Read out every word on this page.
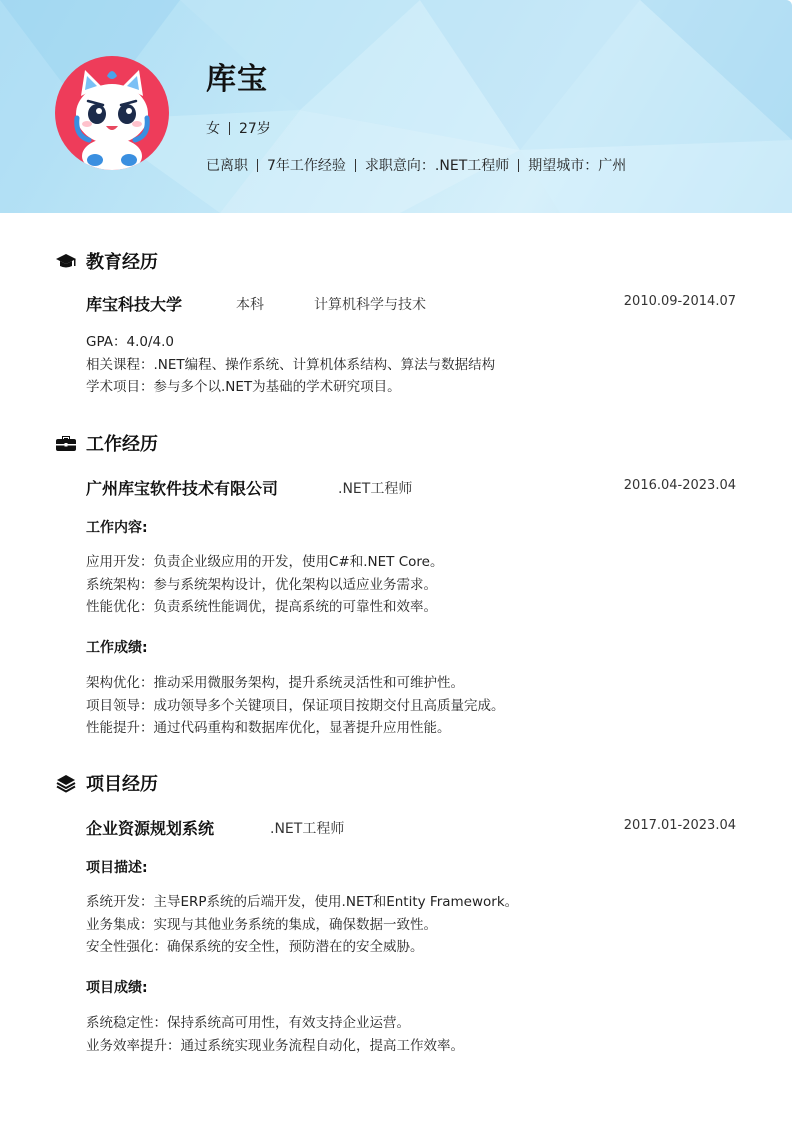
库宝
女 27岁
已离职 7年工作经验 求职意向：.NET工程师 期望城市：广州
教育经历
库宝科技大学	本科	计算机科学与技术	2010.09-2014.07
GPA：4.0/4.0
相关课程：.NET编程、操作系统、计算机体系结构、算法与数据结构
学术项目：参与多个以.NET为基础的学术研究项目。
工作经历
广州库宝软件技术有限公司	.NET工程师	2016.04-2023.04
工作内容:
应用开发：负责企业级应用的开发，使用C#和.NET Core。
系统架构：参与系统架构设计，优化架构以适应业务需求。
性能优化：负责系统性能调优，提高系统的可靠性和效率。
工作成绩:
架构优化：推动采用微服务架构，提升系统灵活性和可维护性。
项目领导：成功领导多个关键项目，保证项目按期交付且高质量完成。
性能提升：通过代码重构和数据库优化，显著提升应用性能。
项目经历
企业资源规划系统	.NET工程师	2017.01-2023.04
项目描述:
系统开发：主导ERP系统的后端开发，使用.NET和Entity Framework。
业务集成：实现与其他业务系统的集成，确保数据一致性。
安全性强化：确保系统的安全性，预防潜在的安全威胁。
项目成绩:
系统稳定性：保持系统高可用性，有效支持企业运营。
业务效率提升：通过系统实现业务流程自动化，提高工作效率。
